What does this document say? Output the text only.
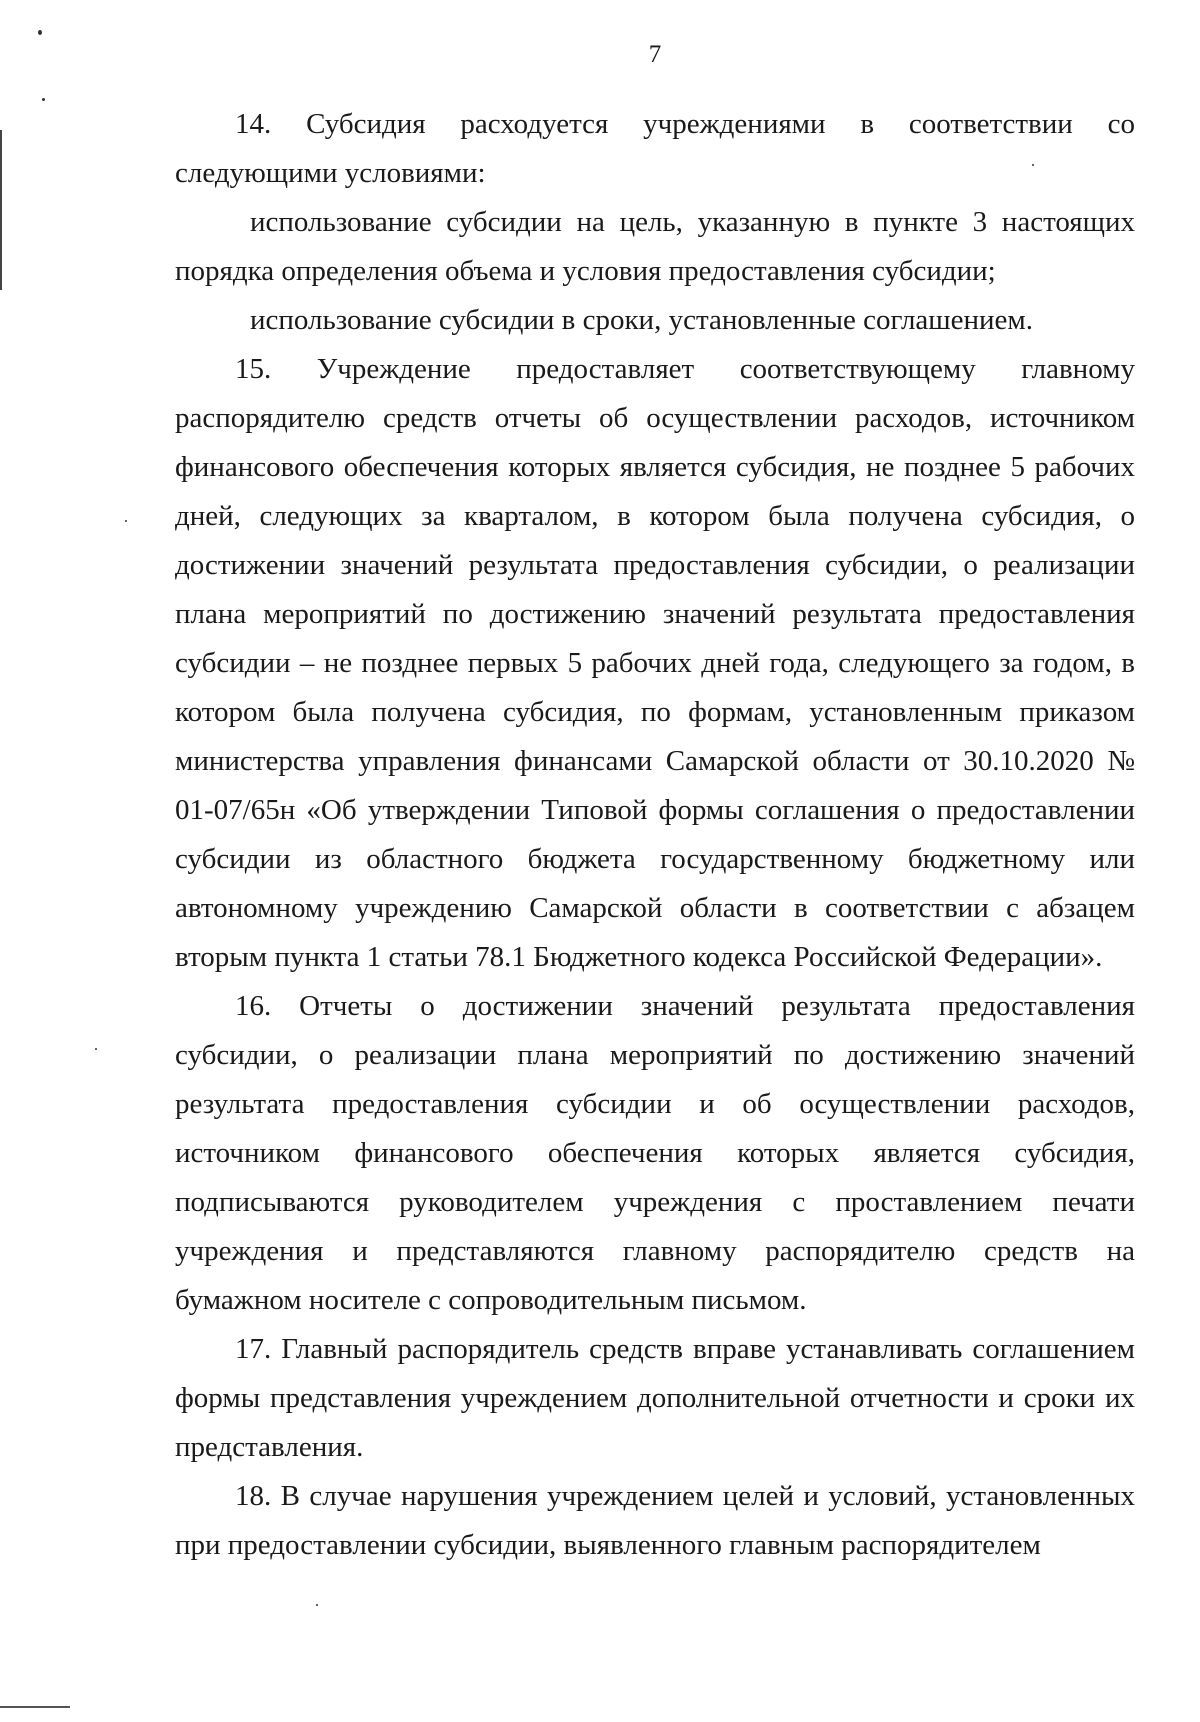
7

14. Субсидия расходуется учреждениями в соответствии со следующими условиями:

использование субсидии на цель, указанную в пункте 3 настоящих порядка определения объема и условия предоставления субсидии;

использование субсидии в сроки, установленные соглашением.

15. Учреждение предоставляет соответствующему главному распорядителю средств отчеты об осуществлении расходов, источником финансового обеспечения которых является субсидия, не позднее 5 рабочих дней, следующих за кварталом, в котором была получена субсидия, о достижении значений результата предоставления субсидии, о реализации плана мероприятий по достижению значений результата предоставления субсидии – не позднее первых 5 рабочих дней года, следующего за годом, в котором была получена субсидия, по формам, установленным приказом министерства управления финансами Самарской области от 30.10.2020 № 01-07/65н «Об утверждении Типовой формы соглашения о предоставлении субсидии из областного бюджета государственному бюджетному или автономному учреждению Самарской области в соответствии с абзацем вторым пункта 1 статьи 78.1 Бюджетного кодекса Российской Федерации».

16. Отчеты о достижении значений результата предоставления субсидии, о реализации плана мероприятий по достижению значений результата предоставления субсидии и об осуществлении расходов, источником финансового обеспечения которых является субсидия, подписываются руководителем учреждения с проставлением печати учреждения и представляются главному распорядителю средств на бумажном носителе с сопроводительным письмом.

17. Главный распорядитель средств вправе устанавливать соглашением формы представления учреждением дополнительной отчетности и сроки их представления.

18. В случае нарушения учреждением целей и условий, установленных при предоставлении субсидии, выявленного главным распорядителем
